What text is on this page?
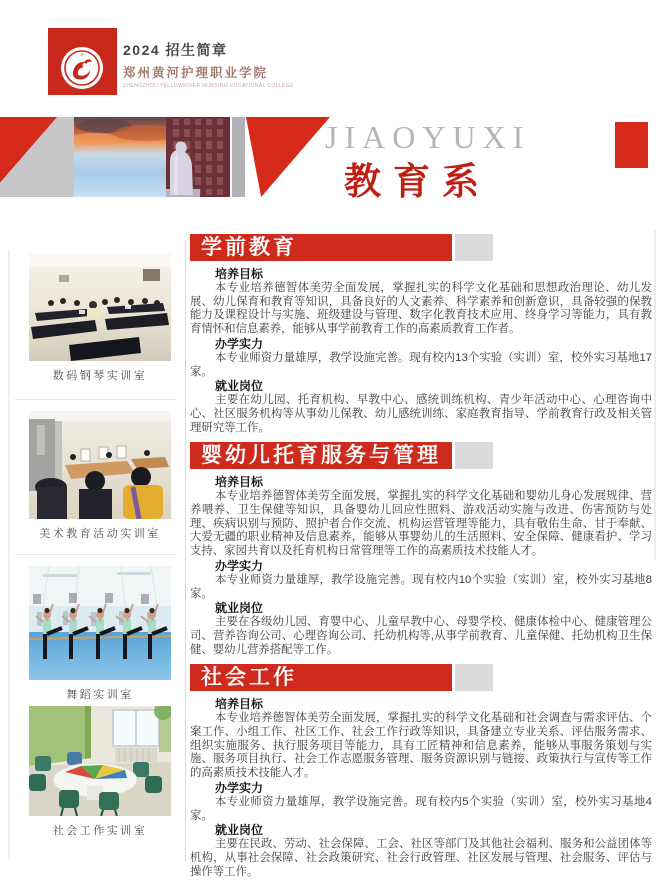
2024 招生简章
郑州黄河护理职业学院
ZHENGZHOU YELLOWRIVER NURSING VOCATIONAL COLLEGE
JIAOYUXI
教育系
数码钢琴实训室
美术教育活动实训室
舞蹈实训室
社会工作实训室
学前教育
培养目标

本专业培养德智体美劳全面发展，掌握扎实的科学文化基础和思想政治理论、幼儿发展、幼儿保育和教育等知识，具备良好的人文素养、科学素养和创新意识，具备较强的保教能力及课程设计与实施、班级建设与管理、数字化教育技术应用、终身学习等能力，具有教育情怀和信息素养，能够从事学前教育工作的高素质教育工作者。

办学实力

本专业师资力量雄厚，教学设施完善。现有校内13个实验（实训）室，校外实习基地17家。

就业岗位

主要在幼儿园、托育机构、早教中心、感统训练机构、青少年活动中心、心理咨询中心、社区服务机构等从事幼儿保教、幼儿感统训练、家庭教育指导、学前教育行政及相关管理研究等工作。

婴幼儿托育服务与管理
培养目标

本专业培养德智体美劳全面发展，掌握扎实的科学文化基础和婴幼儿身心发展规律、营养喂养、卫生保健等知识，具备婴幼儿回应性照料、游戏活动实施与改进、伤害预防与处理、疾病识别与预防、照护者合作交流、机构运营管理等能力，具有敬佑生命、甘于奉献、大爱无疆的职业精神及信息素养，能够从事婴幼儿的生活照料、安全保障、健康看护、学习支持、家园共育以及托育机构日常管理等工作的高素质技术技能人才。

办学实力

本专业师资力量雄厚，教学设施完善。现有校内10个实验（实训）室，校外实习基地8家。

就业岗位

主要在各级幼儿园、育婴中心、儿童早教中心、母婴学校、健康体检中心、健康管理公司、营养咨询公司、心理咨询公司、托幼机构等,从事学前教育、儿童保健、托幼机构卫生保健、婴幼儿营养搭配等工作。

社会工作
培养目标

本专业培养德智体美劳全面发展，掌握扎实的科学文化基础和社会调查与需求评估、个案工作、小组工作、社区工作、社会工作行政等知识，具备建立专业关系、评估服务需求、组织实施服务、执行服务项目等能力，具有工匠精神和信息素养，能够从事服务策划与实施、服务项目执行、社会工作志愿服务管理、服务资源识别与链接、政策执行与宣传等工作的高素质技术技能人才。

办学实力

本专业师资力量雄厚，教学设施完善。现有校内5个实验（实训）室，校外实习基地4家。

就业岗位

主要在民政、劳动、社会保障、工会、社区等部门及其他社会福利、服务和公益团体等机构，从事社会保障、社会政策研究、社会行政管理、社区发展与管理、社会服务、评估与操作等工作。
